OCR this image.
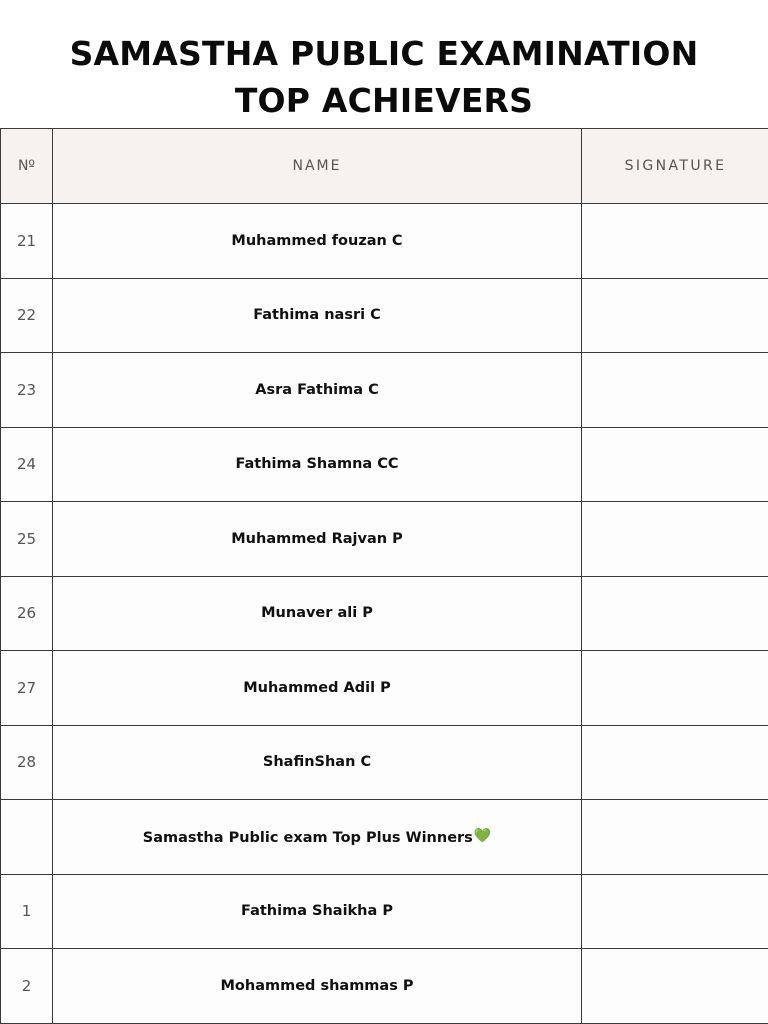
SAMASTHA PUBLIC EXAMINATION
TOP ACHIEVERS
Nº	NAME	SIGNATURE
21	Muhammed fouzan C	
22	Fathima nasri C	
23	Asra Fathima C	
24	Fathima Shamna CC	
25	Muhammed Rajvan P	
26	Munaver ali P	
27	Muhammed Adil P	
28	ShafinShan C	
	Samastha Public exam Top Plus Winners💚	
1	Fathima Shaikha P	
2	Mohammed shammas P	
